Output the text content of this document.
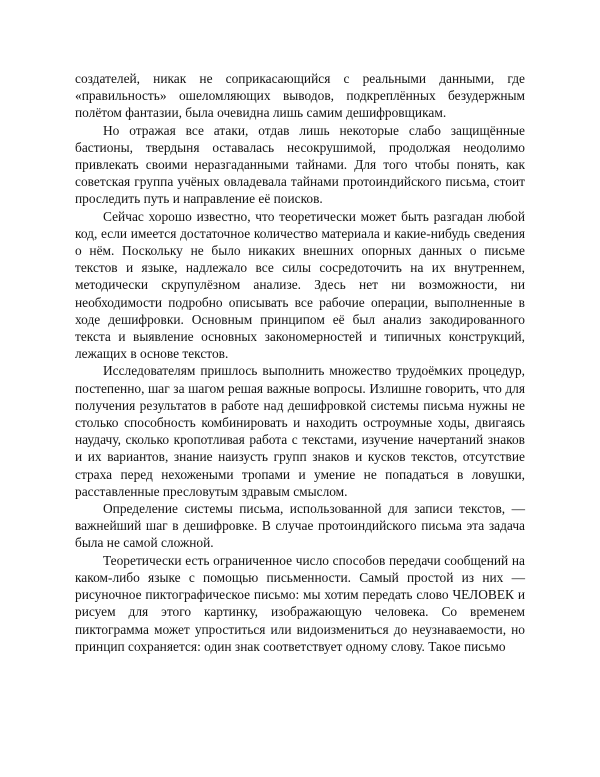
создателей, никак не соприкасающийся с реальными данными, где «правильность» ошеломляющих выводов, подкреплённых безудержным полётом фантазии, была очевидна лишь самим дешифровщикам.

Но отражая все атаки, отдав лишь некоторые слабо защищённые бастионы, твердыня оставалась несокрушимой, продолжая неодолимо привлекать своими неразгаданными тайнами. Для того чтобы понять, как советская группа учёных овладевала тайнами протоиндийского письма, стоит проследить путь и направление её поисков.

Сейчас хорошо известно, что теоретически может быть разгадан любой код, если имеется достаточное количество материала и какие-нибудь сведения о нём. Поскольку не было никаких внешних опорных данных о письме текстов и языке, надлежало все силы сосредоточить на их внутреннем, методически скрупулёзном анализе. Здесь нет ни возможности, ни необходимости подробно описывать все рабочие операции, выполненные в ходе дешифровки. Основным принципом её был анализ закодированного текста и выявление основных закономерностей и типичных конструкций, лежащих в основе текстов.

Исследователям пришлось выполнить множество трудоёмких процедур, постепенно, шаг за шагом решая важные вопросы. Излишне говорить, что для получения результатов в работе над дешифровкой системы письма нужны не столько способность комбинировать и находить остроумные ходы, двигаясь наудачу, сколько кропотливая работа с текстами, изучение начертаний знаков и их вариантов, знание наизусть групп знаков и кусков текстов, отсутствие страха перед нехожеными тропами и умение не попадаться в ловушки, расставленные пресловутым здравым смыслом.

Определение системы письма, использованной для записи текстов, — важнейший шаг в дешифровке. В случае протоиндийского письма эта задача была не самой сложной.

Теоретически есть ограниченное число способов передачи сообщений на каком-либо языке с помощью письменности. Самый простой из них — рисуночное пиктографическое письмо: мы хотим передать слово ЧЕЛОВЕК и рисуем для этого картинку, изображающую человека. Со временем пиктограмма может упроститься или видоизмениться до неузнаваемости, но принцип сохраняется: один знак соответствует одному слову. Такое письмо
